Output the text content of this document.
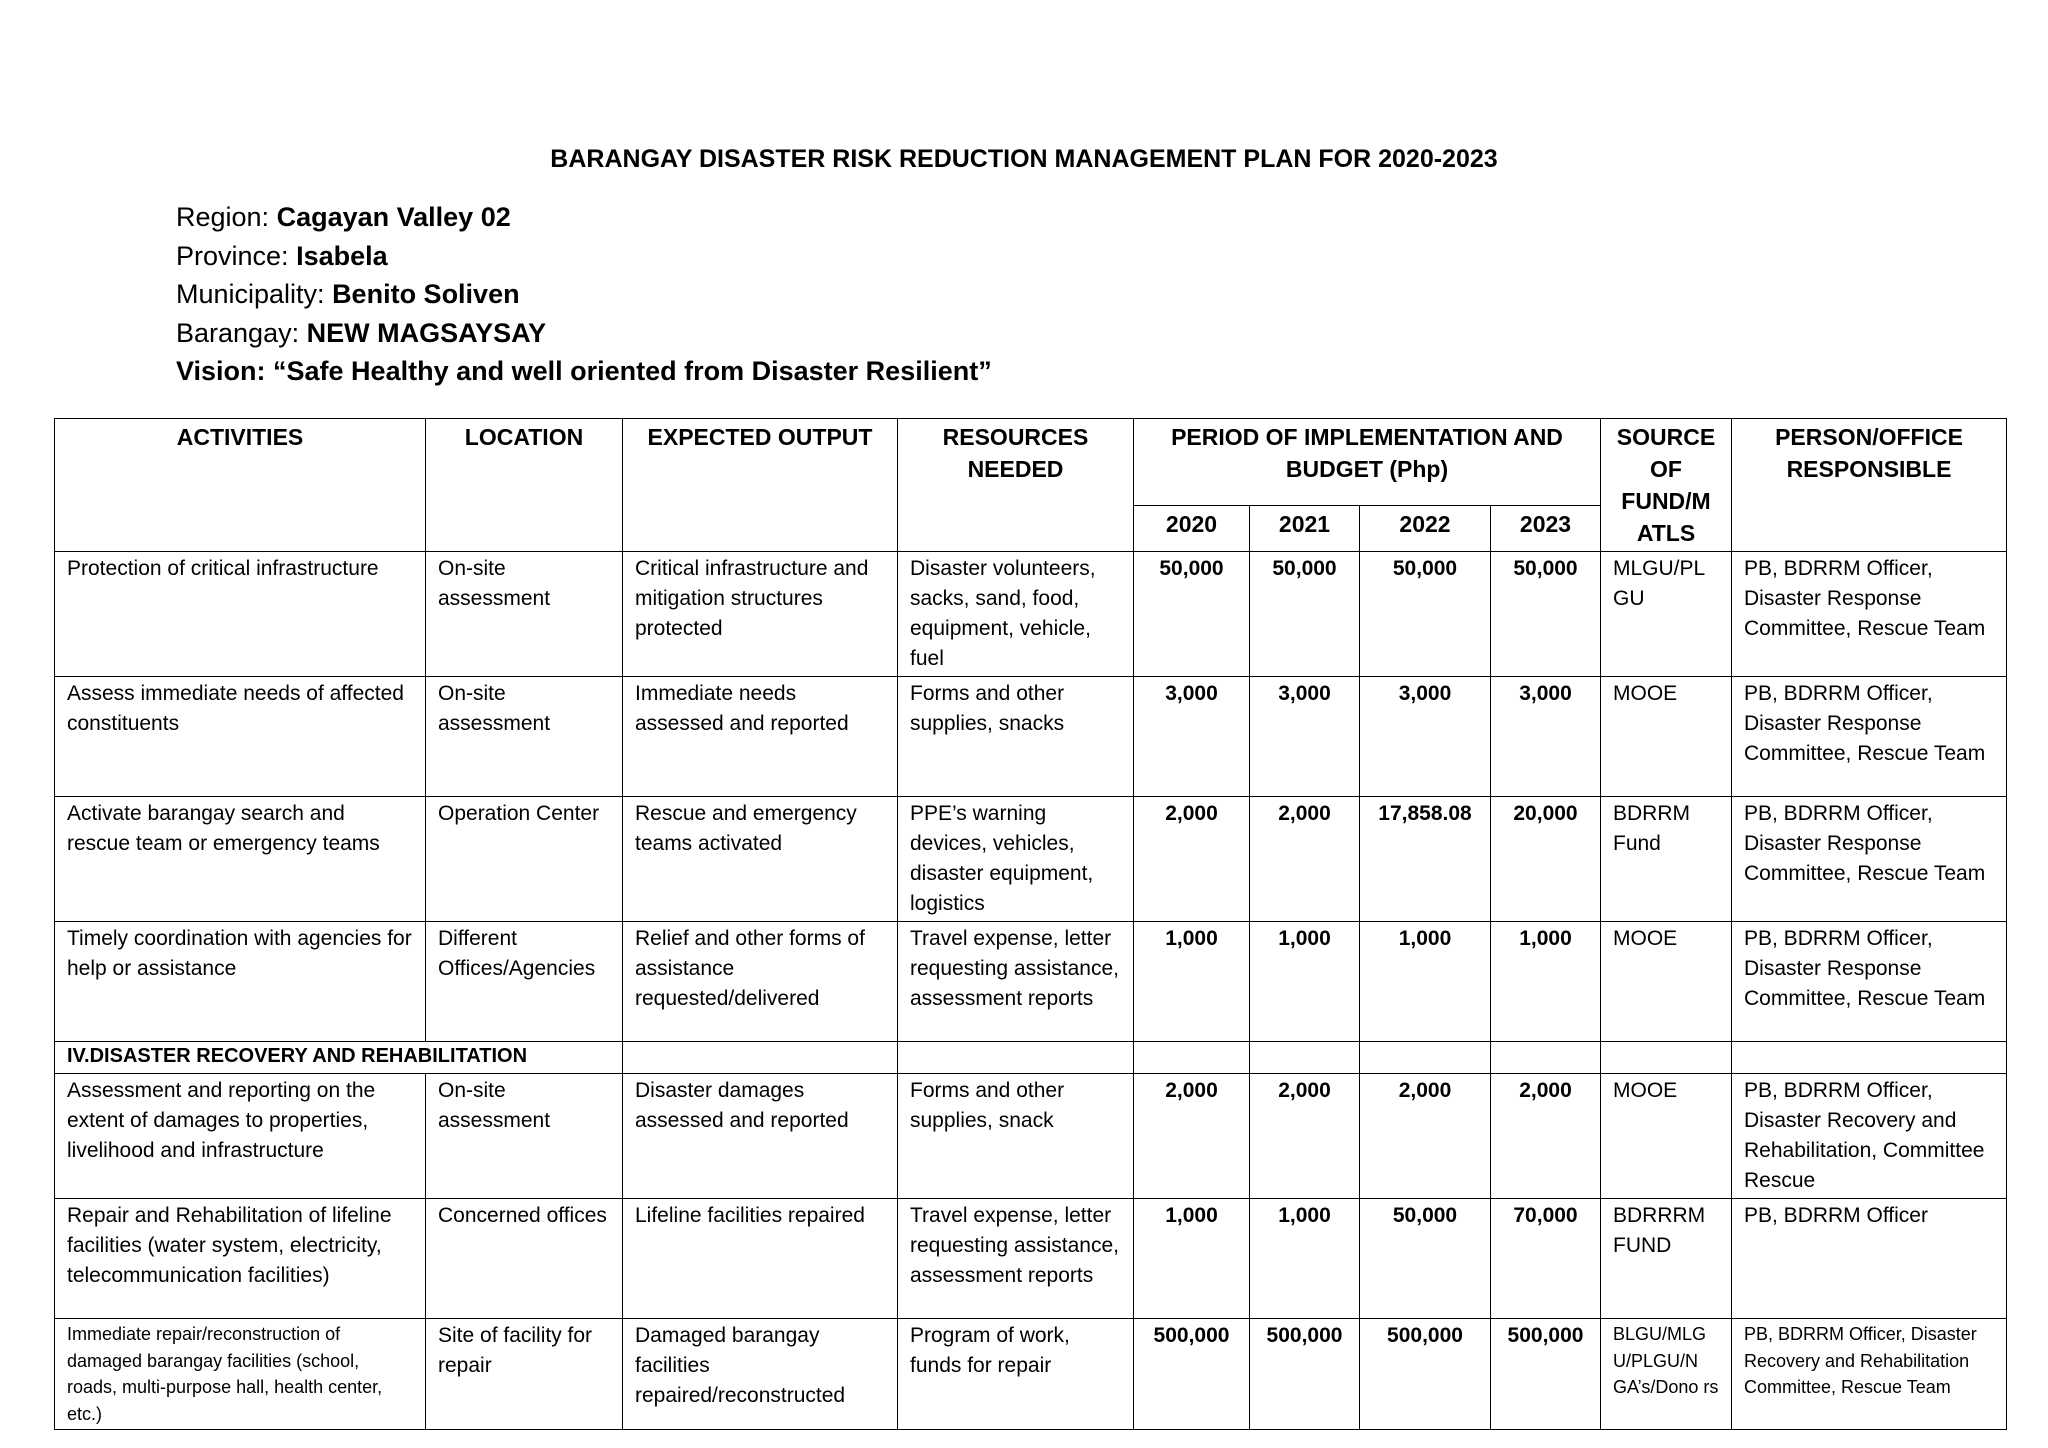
BARANGAY DISASTER RISK REDUCTION MANAGEMENT PLAN FOR 2020-2023
Region: Cagayan Valley 02
Province: Isabela
Municipality: Benito Soliven
Barangay: NEW MAGSAYSAY
Vision: “Safe Healthy and well oriented from Disaster Resilient”
ACTIVITIES	LOCATION	EXPECTED OUTPUT	RESOURCES NEEDED	PERIOD OF IMPLEMENTATION AND BUDGET (Php)				SOURCE OF FUND/M ATLS	PERSON/OFFICE RESPONSIBLE
				2020	2021	2022	2023		
Protection of critical infrastructure	On-site assessment	Critical infrastructure and mitigation structures protected	Disaster volunteers, sacks, sand, food, equipment, vehicle, fuel	50,000	50,000	50,000	50,000	MLGU/PL GU	PB, BDRRM Officer, Disaster Response Committee, Rescue Team
Assess immediate needs of affected constituents	On-site assessment	Immediate needs assessed and reported	Forms and other supplies, snacks	3,000	3,000	3,000	3,000	MOOE	PB, BDRRM Officer, Disaster Response Committee, Rescue Team
Activate barangay search and rescue team or emergency teams	Operation Center	Rescue and emergency teams activated	PPE’s warning devices, vehicles, disaster equipment, logistics	2,000	2,000	17,858.08	20,000	BDRRM Fund	PB, BDRRM Officer, Disaster Response Committee, Rescue Team
Timely coordination with agencies for help or assistance	Different Offices/Agencies	Relief and other forms of assistance requested/delivered	Travel expense, letter requesting assistance, assessment reports	1,000	1,000	1,000	1,000	MOOE	PB, BDRRM Officer, Disaster Response Committee, Rescue Team
IV.DISASTER RECOVERY AND REHABILITATION									
Assessment and reporting on the extent of damages to properties, livelihood and infrastructure	On-site assessment	Disaster damages assessed and reported	Forms and other supplies, snack	2,000	2,000	2,000	2,000	MOOE	PB, BDRRM Officer, Disaster Recovery and Rehabilitation, Committee Rescue
Repair and Rehabilitation of lifeline facilities (water system, electricity, telecommunication facilities)	Concerned offices	Lifeline facilities repaired	Travel expense, letter requesting assistance, assessment reports	1,000	1,000	50,000	70,000	BDRRRM FUND	PB, BDRRM Officer
Immediate repair/reconstruction of damaged barangay facilities (school, roads, multi-purpose hall, health center, etc.)	Site of facility for repair	Damaged barangay facilities repaired/reconstructed	Program of work, funds for repair	500,000	500,000	500,000	500,000	BLGU/MLG U/PLGU/N GA’s/Dono rs	PB, BDRRM Officer, Disaster Recovery and Rehabilitation Committee, Rescue Team
